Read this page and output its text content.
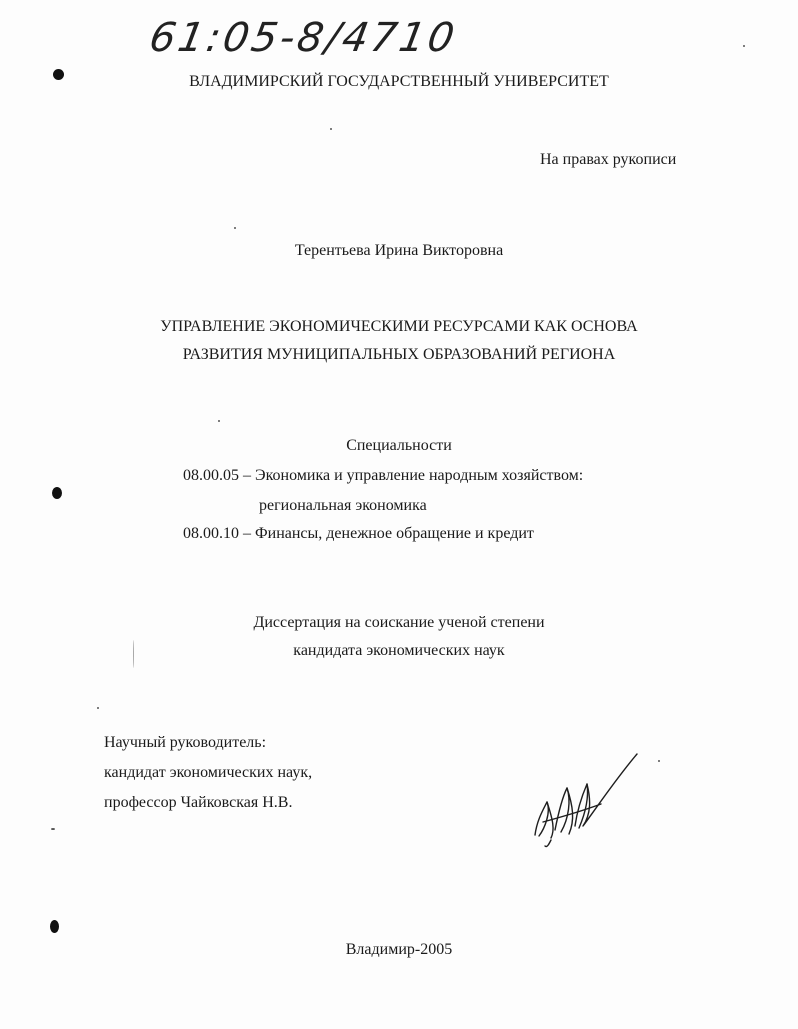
61:05-8/4710
ВЛАДИМИРСКИЙ ГОСУДАРСТВЕННЫЙ УНИВЕРСИТЕТ
На правах рукописи
Терентьева Ирина Викторовна
УПРАВЛЕНИЕ ЭКОНОМИЧЕСКИМИ РЕСУРСАМИ КАК ОСНОВА
РАЗВИТИЯ МУНИЦИПАЛЬНЫХ ОБРАЗОВАНИЙ РЕГИОНА
Специальности
08.00.05 – Экономика и управление народным хозяйством:
региональная экономика
08.00.10 – Финансы, денежное обращение и кредит
Диссертация на соискание ученой степени
кандидата экономических наук
Научный руководитель:
кандидат экономических наук,
профессор Чайковская Н.В.
Владимир-2005
